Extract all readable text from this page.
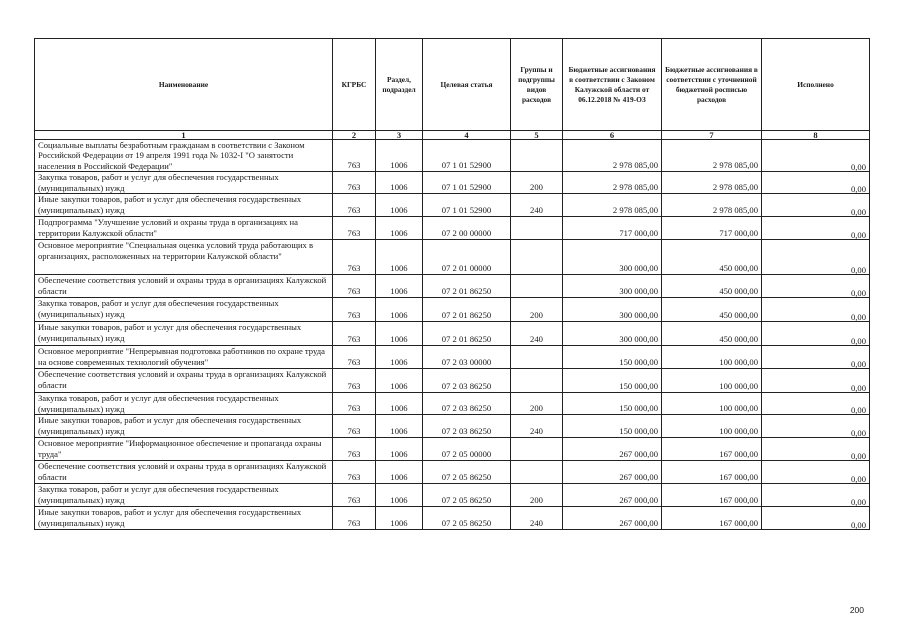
Наименование	КГРБС	Раздел, подраздел	Целевая статья	Группы и подгруппы видов расходов	Бюджетные ассигнования в соответствии с Законом Калужской области от 06.12.2018 № 419-ОЗ	Бюджетные ассигнования в соответствии с уточненной бюджетной росписью расходов	Исполнено
1	2	3	4	5	6	7	8
Социальные выплаты безработным гражданам в соответствии с Законом Российской Федерации от 19 апреля 1991 года № 1032-I "О занятости населения в Российской Федерации"	763	1006	07 1 01 52900		2 978 085,00	2 978 085,00	0,00
Закупка товаров, работ и услуг для обеспечения государственных (муниципальных) нужд	763	1006	07 1 01 52900	200	2 978 085,00	2 978 085,00	0,00
Иные закупки товаров, работ и услуг для обеспечения государственных (муниципальных) нужд	763	1006	07 1 01 52900	240	2 978 085,00	2 978 085,00	0,00
Подпрограмма "Улучшение условий и охраны труда в организациях на территории Калужской области"	763	1006	07 2 00 00000		717 000,00	717 000,00	0,00
Основное мероприятие "Специальная оценка условий труда работающих в организациях, расположенных на территории Калужской области"	763	1006	07 2 01 00000		300 000,00	450 000,00	0,00
Обеспечение соответствия условий и охраны труда в организациях Калужской области	763	1006	07 2 01 86250		300 000,00	450 000,00	0,00
Закупка товаров, работ и услуг для обеспечения государственных (муниципальных) нужд	763	1006	07 2 01 86250	200	300 000,00	450 000,00	0,00
Иные закупки товаров, работ и услуг для обеспечения государственных (муниципальных) нужд	763	1006	07 2 01 86250	240	300 000,00	450 000,00	0,00
Основное мероприятие "Непрерывная подготовка работников по охране труда на основе современных технологий обучения"	763	1006	07 2 03 00000		150 000,00	100 000,00	0,00
Обеспечение соответствия условий и охраны труда в организациях Калужской области	763	1006	07 2 03 86250		150 000,00	100 000,00	0,00
Закупка товаров, работ и услуг для обеспечения государственных (муниципальных) нужд	763	1006	07 2 03 86250	200	150 000,00	100 000,00	0,00
Иные закупки товаров, работ и услуг для обеспечения государственных (муниципальных) нужд	763	1006	07 2 03 86250	240	150 000,00	100 000,00	0,00
Основное мероприятие "Информационное обеспечение и пропаганда охраны труда"	763	1006	07 2 05 00000		267 000,00	167 000,00	0,00
Обеспечение соответствия условий и охраны труда в организациях Калужской области	763	1006	07 2 05 86250		267 000,00	167 000,00	0,00
Закупка товаров, работ и услуг для обеспечения государственных (муниципальных) нужд	763	1006	07 2 05 86250	200	267 000,00	167 000,00	0,00
Иные закупки товаров, работ и услуг для обеспечения государственных (муниципальных) нужд	763	1006	07 2 05 86250	240	267 000,00	167 000,00	0,00
200
